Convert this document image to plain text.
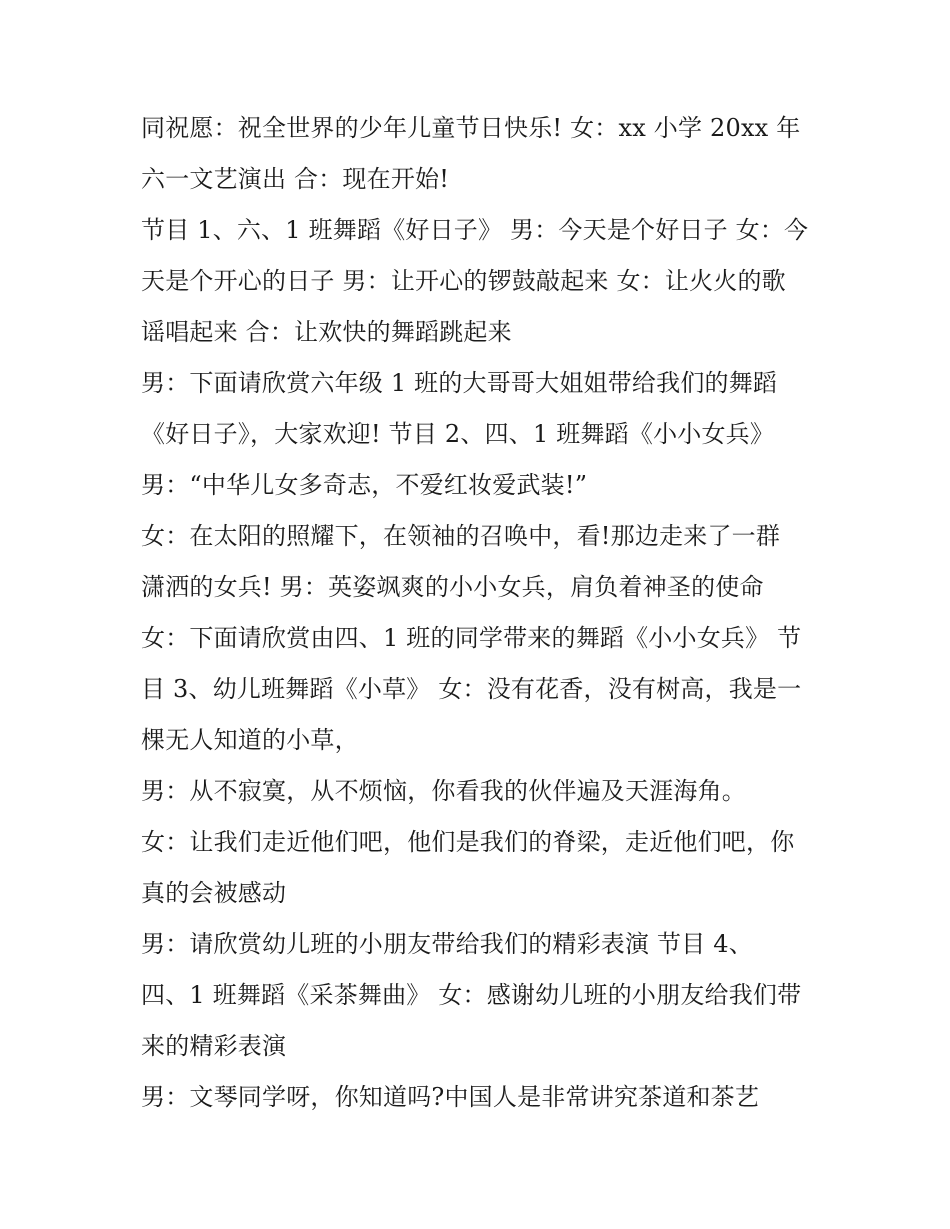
同祝愿：祝全世界的少年儿童节日快乐! 女：xx 小学 20xx 年
六一文艺演出 合：现在开始!
节目 1、六、1 班舞蹈《好日子》 男：今天是个好日子 女：今
天是个开心的日子 男：让开心的锣鼓敲起来 女：让火火的歌
谣唱起来 合：让欢快的舞蹈跳起来
男：下面请欣赏六年级 1 班的大哥哥大姐姐带给我们的舞蹈
《好日子》，大家欢迎! 节目 2、四、1 班舞蹈《小小女兵》
男：“中华儿女多奇志，不爱红妆爱武装!”
女：在太阳的照耀下，在领袖的召唤中，看!那边走来了一群
潇洒的女兵! 男：英姿飒爽的小小女兵，肩负着神圣的使命
女：下面请欣赏由四、1 班的同学带来的舞蹈《小小女兵》 节
目 3、幼儿班舞蹈《小草》 女：没有花香，没有树高，我是一
棵无人知道的小草，
男：从不寂寞，从不烦恼，你看我的伙伴遍及天涯海角。
女：让我们走近他们吧，他们是我们的脊梁，走近他们吧，你
真的会被感动
男：请欣赏幼儿班的小朋友带给我们的精彩表演 节目 4、
四、1 班舞蹈《采茶舞曲》 女：感谢幼儿班的小朋友给我们带
来的精彩表演
男：文琴同学呀，你知道吗?中国人是非常讲究茶道和茶艺
